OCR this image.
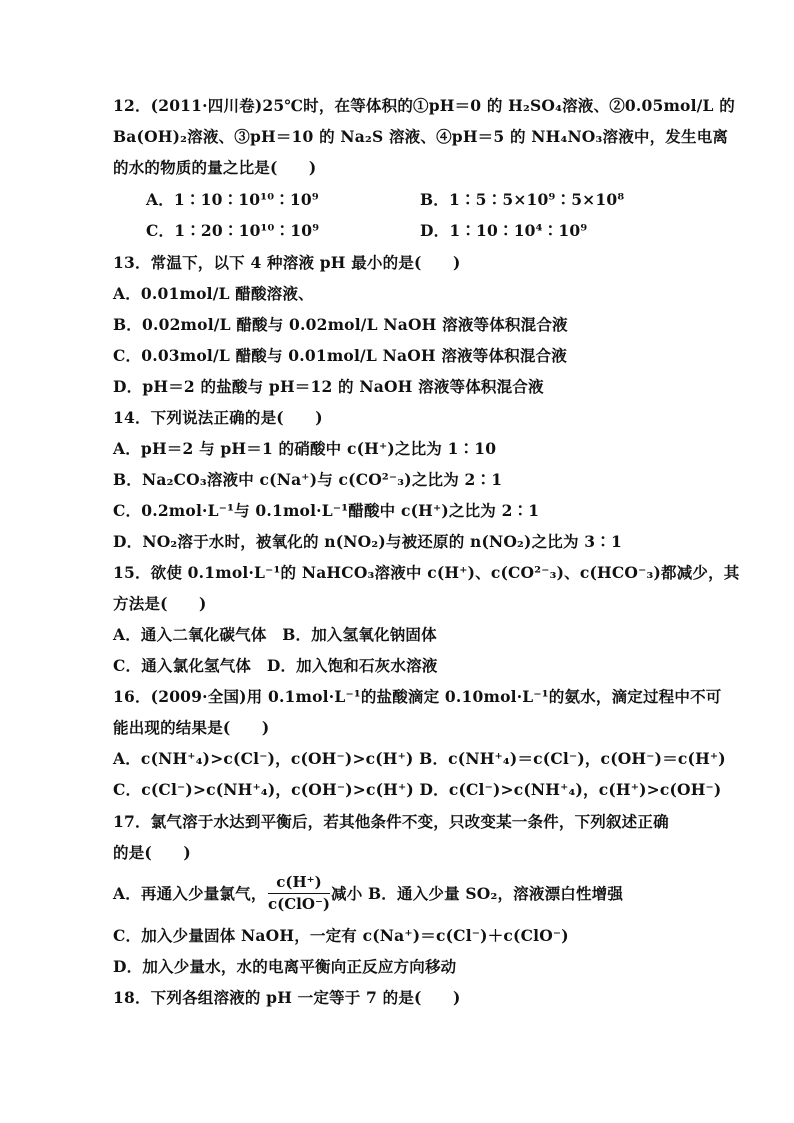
12．(2011·四川卷)25℃时，在等体积的①pH＝0 的 H₂SO₄溶液、②0.05mol/L 的
Ba(OH)₂溶液、③pH＝10 的 Na₂S 溶液、④pH＝5 的 NH₄NO₃溶液中，发生电离
的水的物质的量之比是(　　)
A．1∶10∶10¹⁰∶10⁹	B．1∶5∶5×10⁹∶5×10⁸
C．1∶20∶10¹⁰∶10⁹	D．1∶10∶10⁴∶10⁹
13．常温下，以下 4 种溶液 pH 最小的是(　　)
A．0.01mol/L 醋酸溶液、
B．0.02mol/L 醋酸与 0.02mol/L NaOH 溶液等体积混合液
C．0.03mol/L 醋酸与 0.01mol/L NaOH 溶液等体积混合液
D．pH＝2 的盐酸与 pH＝12 的 NaOH 溶液等体积混合液
14．下列说法正确的是(　　)
A．pH＝2 与 pH＝1 的硝酸中 c(H⁺)之比为 1∶10
B．Na₂CO₃溶液中 c(Na⁺)与 c(CO²⁻₃)之比为 2∶1
C．0.2mol·L⁻¹与 0.1mol·L⁻¹醋酸中 c(H⁺)之比为 2∶1
D．NO₂溶于水时，被氧化的 n(NO₂)与被还原的 n(NO₂)之比为 3∶1
15．欲使 0.1mol·L⁻¹的 NaHCO₃溶液中 c(H⁺)、c(CO²⁻₃)、c(HCO⁻₃)都减少，其
方法是(　　)
A．通入二氧化碳气体　B．加入氢氧化钠固体
C．通入氯化氢气体　D．加入饱和石灰水溶液
16．(2009·全国)用 0.1mol·L⁻¹的盐酸滴定 0.10mol·L⁻¹的氨水，滴定过程中不可
能出现的结果是(　　)
A．c(NH⁺₄)>c(Cl⁻)，c(OH⁻)>c(H⁺) B．c(NH⁺₄)＝c(Cl⁻)，c(OH⁻)＝c(H⁺)
C．c(Cl⁻)>c(NH⁺₄)，c(OH⁻)>c(H⁺) D．c(Cl⁻)>c(NH⁺₄)，c(H⁺)>c(OH⁻)
17．氯气溶于水达到平衡后，若其他条件不变，只改变某一条件，下列叙述正确
的是(　　)
A．再通入少量氯气，
c(H⁺)
c(ClO⁻)
减小 B．通入少量 SO₂，溶液漂白性增强
C．加入少量固体 NaOH，一定有 c(Na⁺)＝c(Cl⁻)＋c(ClO⁻)
D．加入少量水，水的电离平衡向正反应方向移动
18．下列各组溶液的 pH 一定等于 7 的是(　　)
